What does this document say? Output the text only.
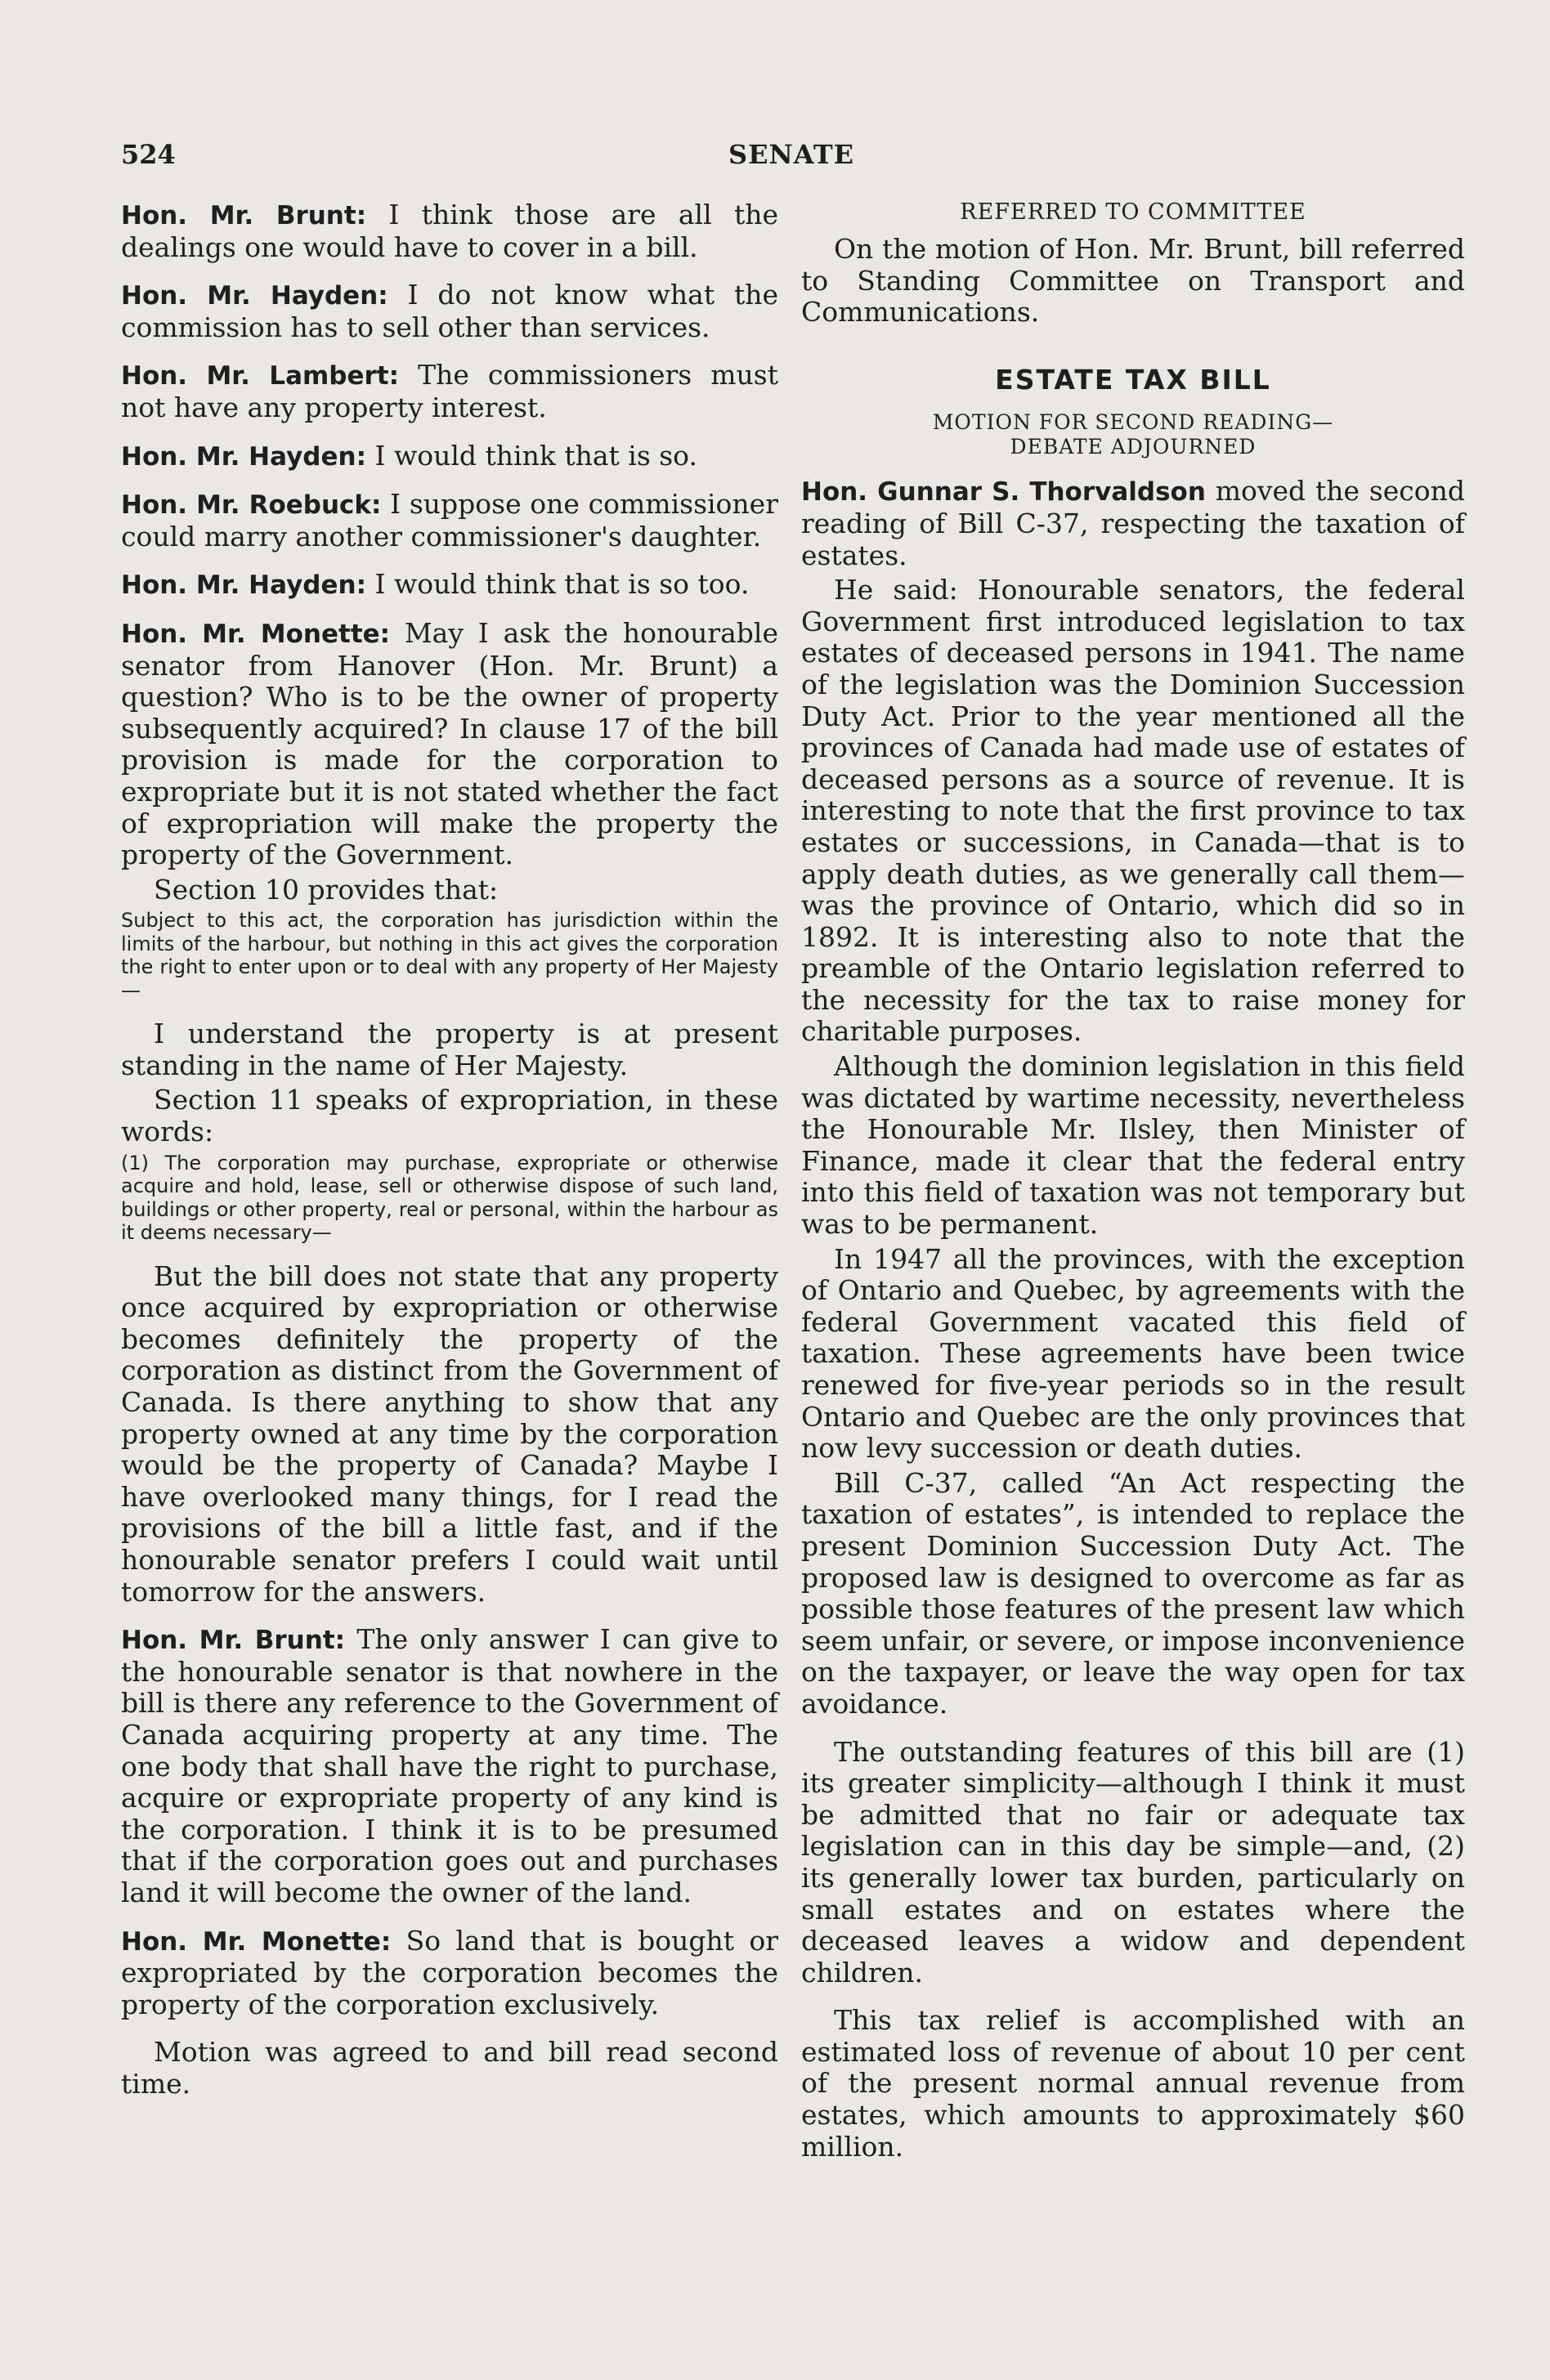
524	SENATE

Hon. Mr. Brunt: I think those are all the dealings one would have to cover in a bill.

Hon. Mr. Hayden: I do not know what the commission has to sell other than services.

Hon. Mr. Lambert: The commissioners must not have any property interest.

Hon. Mr. Hayden: I would think that is so.

Hon. Mr. Roebuck: I suppose one commissioner could marry another commissioner's daughter.

Hon. Mr. Hayden: I would think that is so too.

Hon. Mr. Monette: May I ask the honourable senator from Hanover (Hon. Mr. Brunt) a question? Who is to be the owner of property subsequently acquired? In clause 17 of the bill provision is made for the corporation to expropriate but it is not stated whether the fact of expropriation will make the property the property of the Government.

Section 10 provides that:

Subject to this act, the corporation has jurisdiction within the limits of the harbour, but nothing in this act gives the corporation the right to enter upon or to deal with any property of Her Majesty—

I understand the property is at present standing in the name of Her Majesty.

Section 11 speaks of expropriation, in these words:

(1) The corporation may purchase, expropriate or otherwise acquire and hold, lease, sell or otherwise dispose of such land, buildings or other property, real or personal, within the harbour as it deems necessary—

But the bill does not state that any property once acquired by expropriation or otherwise becomes definitely the property of the corporation as distinct from the Government of Canada. Is there anything to show that any property owned at any time by the corporation would be the property of Canada? Maybe I have overlooked many things, for I read the provisions of the bill a little fast, and if the honourable senator prefers I could wait until tomorrow for the answers.

Hon. Mr. Brunt: The only answer I can give to the honourable senator is that nowhere in the bill is there any reference to the Government of Canada acquiring property at any time. The one body that shall have the right to purchase, acquire or expropriate property of any kind is the corporation. I think it is to be presumed that if the corporation goes out and purchases land it will become the owner of the land.

Hon. Mr. Monette: So land that is bought or expropriated by the corporation becomes the property of the corporation exclusively.

Motion was agreed to and bill read second time.

REFERRED TO COMMITTEE

On the motion of Hon. Mr. Brunt, bill referred to Standing Committee on Transport and Communications.

ESTATE TAX BILL
MOTION FOR SECOND READING—
DEBATE ADJOURNED

Hon. Gunnar S. Thorvaldson moved the second reading of Bill C-37, respecting the taxation of estates.

He said: Honourable senators, the federal Government first introduced legislation to tax estates of deceased persons in 1941. The name of the legislation was the Dominion Succession Duty Act. Prior to the year mentioned all the provinces of Canada had made use of estates of deceased persons as a source of revenue. It is interesting to note that the first province to tax estates or successions, in Canada—that is to apply death duties, as we generally call them—was the province of Ontario, which did so in 1892. It is interesting also to note that the preamble of the Ontario legislation referred to the necessity for the tax to raise money for charitable purposes.

Although the dominion legislation in this field was dictated by wartime necessity, nevertheless the Honourable Mr. Ilsley, then Minister of Finance, made it clear that the federal entry into this field of taxation was not temporary but was to be permanent.

In 1947 all the provinces, with the exception of Ontario and Quebec, by agreements with the federal Government vacated this field of taxation. These agreements have been twice renewed for five-year periods so in the result Ontario and Quebec are the only provinces that now levy succession or death duties.

Bill C-37, called “An Act respecting the taxation of estates”, is intended to replace the present Dominion Succession Duty Act. The proposed law is designed to overcome as far as possible those features of the present law which seem unfair, or severe, or impose inconvenience on the taxpayer, or leave the way open for tax avoidance.

The outstanding features of this bill are (1) its greater simplicity—although I think it must be admitted that no fair or adequate tax legislation can in this day be simple—and, (2) its generally lower tax burden, particularly on small estates and on estates where the deceased leaves a widow and dependent children.

This tax relief is accomplished with an estimated loss of revenue of about 10 per cent of the present normal annual revenue from estates, which amounts to approximately $60 million.
